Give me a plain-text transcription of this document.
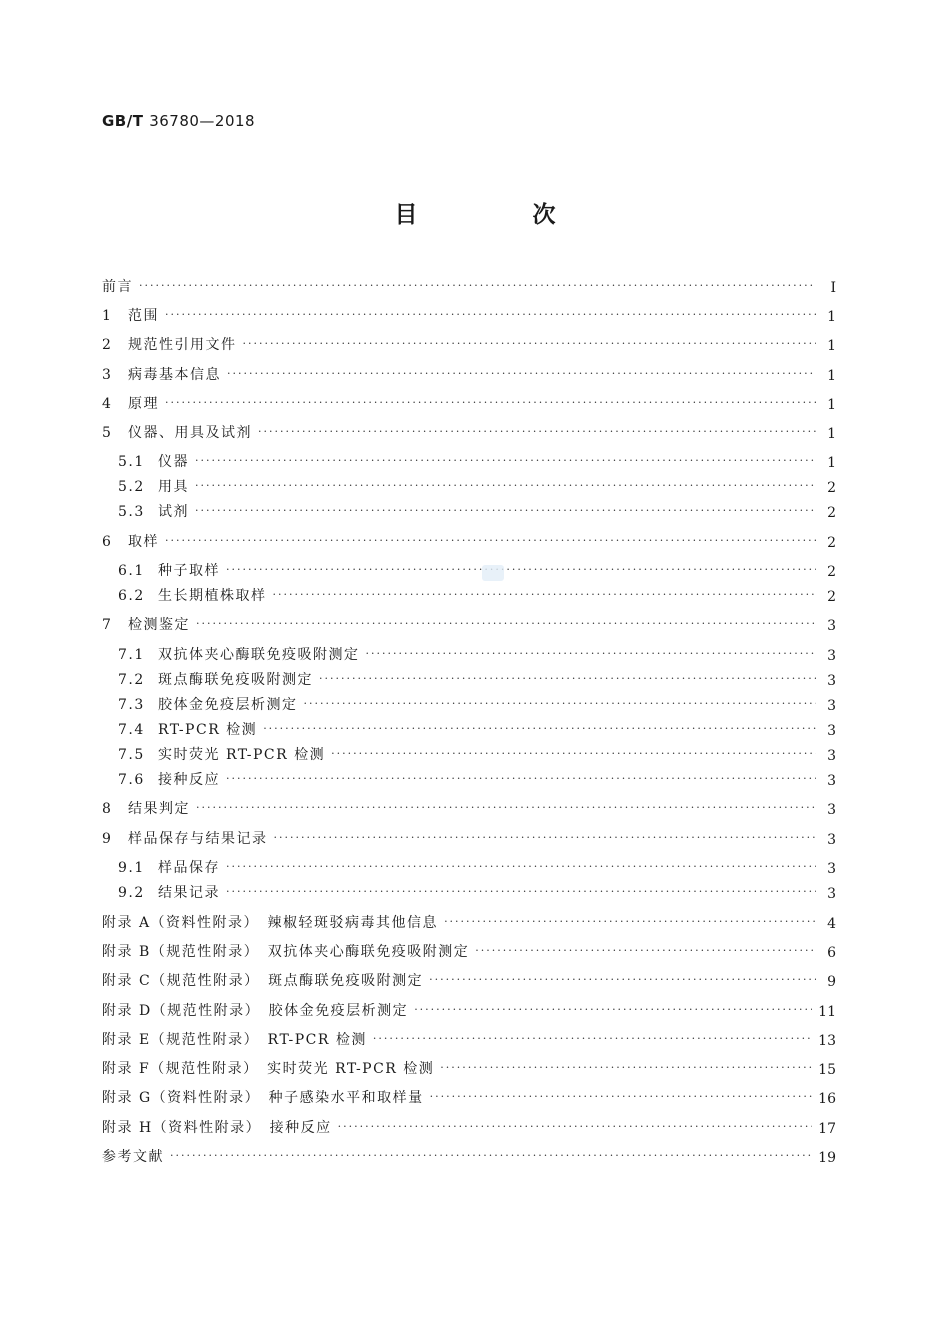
GB/T 36780—2018
目　次
前言 ·····	Ⅰ
1 范围 ·····	1
2 规范性引用文件 ·····	1
3 病毒基本信息 ·····	1
4 原理 ·····	1
5 仪器、用具及试剂 ·····	1
5.1 仪器 ·····	1
5.2 用具 ·····	2
5.3 试剂 ·····	2
6 取样 ·····	2
6.1 种子取样 ·····	2
6.2 生长期植株取样 ·····	2
7 检测鉴定 ·····	3
7.1 双抗体夹心酶联免疫吸附测定 ·····	3
7.2 斑点酶联免疫吸附测定 ·····	3
7.3 胶体金免疫层析测定 ·····	3
7.4 RT-PCR 检测 ·····	3
7.5 实时荧光 RT-PCR 检测 ·····	3
7.6 接种反应 ·····	3
8 结果判定 ·····	3
9 样品保存与结果记录 ·····	3
9.1 样品保存 ·····	3
9.2 结果记录 ·····	3
附录 A（资料性附录）　辣椒轻斑驳病毒其他信息 ·····	4
附录 B（规范性附录）　双抗体夹心酶联免疫吸附测定 ·····	6
附录 C（规范性附录）　斑点酶联免疫吸附测定 ·····	9
附录 D（规范性附录）　胶体金免疫层析测定 ·····	11
附录 E（规范性附录）　RT-PCR 检测 ·····	13
附录 F（规范性附录）　实时荧光 RT-PCR 检测 ·····	15
附录 G（资料性附录）　种子感染水平和取样量 ·····	16
附录 H（资料性附录）　接种反应 ·····	17
参考文献 ·····	19
